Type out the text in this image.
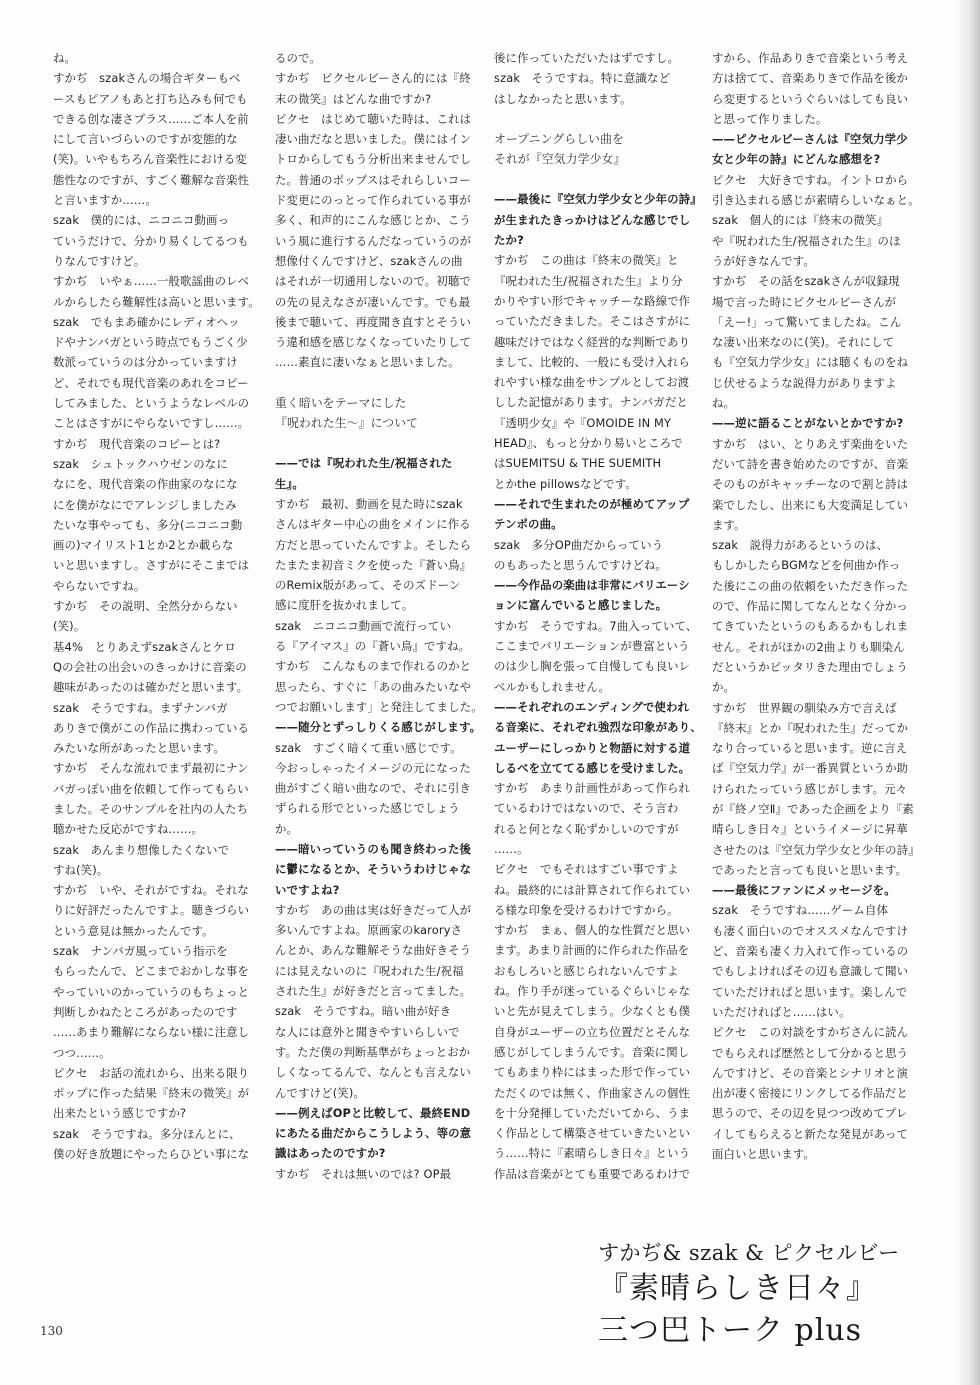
ね。
すかぢ　szakさんの場合ギターもベ
ースもピアノもあと打ち込みも何でも
できる创な凄さプラス……ご本人を前
にして言いづらいのですが変態的な
(笑)。いやもちろん音楽性における変
態性なのですが、すごく難解な音楽性
と言いますか……。
szak　僕的には、ニコニコ動画っ
ていうだけで、分かり易くしてるつも
りなんですけど。
すかぢ　いやぁ……一般歌謡曲のレベ
ルからしたら難解性は高いと思います。
szak　でもまあ確かにレディオヘッ
ドやナンバガという時点でもうごく少
数派っていうのは分かっていますけ
ど、それでも現代音楽のあれをコピー
してみました、というようなレベルの
ことはさすがにやらないですし……。
すかぢ　現代音楽のコピーとは?
szak　シュトックハウゼンのなに
なにを、現代音楽の作曲家のなにな
にを僕がなにでアレンジしましたみ
たいな事やっても、多分(ニコニコ動
画の)マイリスト1とか2とか載らな
いと思いますし。さすがにそこまでは
やらないですね。
すかぢ　その説明、全然分からない
(笑)。
基4%　とりあえずszakさんとケロ
Qの会社の出会いのきっかけに音楽の
趣味があったのは確かだと思います。
szak　そうですね。まずナンバガ
ありきで僕がこの作品に携わっている
みたいな所があったと思います。
すかぢ　そんな流れでまず最初にナン
バガっぽい曲を依頼して作ってもらい
ました。そのサンプルを社内の人たち
聴かせた反応がですね……。
szak　あんまり想像したくないで
すね(笑)。
すかぢ　いや、それがですね。それな
りに好評だったんですよ。聴きづらい
という意見は無かったんです。
szak　ナンバガ風っていう指示を
もらったんで、どこまでおかしな事を
やっていいのかっていうのもちょっと
判断しかねたところがあったのです
……あまり難解にならない様に注意し
つつ……。
ピクセ　お話の流れから、出来る限り
ポップに作った結果『終末の微笑』が
出来たという感じですか?
szak　そうですね。多分ほんとに、
僕の好き放題にやったらひどい事にな
るので。
すかぢ　ピクセルビーさん的には『終
末の微笑』はどんな曲ですか?
ピクセ　はじめて聴いた時は、これは
凄い曲だなと思いました。僕にはイン
トロからしてもう分析出来ませんでし
た。普通のポップスはそれらしいコー
ド変更にのっとって作られている事が
多く、和声的にこんな感じとか、こう
いう風に進行するんだなっていうのが
想像付くんですけど、szakさんの曲
はそれが一切通用しないので。初聴で
の先の見えなさが凄いんです。でも最
後まで聴いて、再度聞き直すとそうい
う違和感を感じなくなっていたりして
……素直に凄いなぁと思いました。
重く暗いをテーマにした
『呪われた生〜』について
——では『呪われた生/祝福された
生』。
すかぢ　最初、動画を見た時にszak
さんはギター中心の曲をメインに作る
方だと思っていたんですよ。そしたら
たまたま初音ミクを使った『蒼い鳥』
のRemix版があって、そのズドーン
感に度肝を抜かれまして。
szak　ニコニコ動画で流行ってい
る『アイマス』の『蒼い鳥』ですね。
すかぢ　こんなものまで作れるのかと
思ったら、すぐに「あの曲みたいなや
つでお願いします」と発注してました。
——随分とずっしりくる感じがします。
szak　すごく暗くて重い感じです。
今おっしゃったイメージの元になった
曲がすごく暗い曲なので、それに引き
ずられる形でといった感じでしょう
か。
——暗いっていうのも聞き終わった後
に鬱になるとか、そういうわけじゃな
いですよね?
すかぢ　あの曲は実は好きだって人が
多いんですよね。原画家のkaroryさ
んとか、あんな難解そうな曲好きそう
には見えないのに『呪われた生/祝福
された生』が好きだと言ってました。
szak　そうですね。暗い曲が好き
な人には意外と聞きやすいらしいで
す。ただ僕の判断基準がちょっとおか
しくなってるんで、なんとも言えない
んですけど(笑)。
——例えばOPと比較して、最終END
にあたる曲だからこうしよう、等の意
識はあったのですか?
すかぢ　それは無いのでは? OP最
後に作っていただいたはずですし。
szak　そうですね。特に意識など
はしなかったと思います。
オープニングらしい曲を
それが『空気力学少女』
——最後に『空気力学少女と少年の詩』
が生まれたきっかけはどんな感じでし
たか?
すかぢ　この曲は『終末の微笑』と
『呪われた生/祝福された生』より分
かりやすい形でキャッチーな路線で作
っていただきました。そこはさすがに
趣味だけではなく経営的な判断であり
まして、比較的、一般にも受け入れら
れやすい様な曲をサンプルとしてお渡
しした記憶があります。ナンバガだと
『透明少女』や『OMOIDE IN MY
HEAD』、もっと分かり易いところで
はSUEMITSU & THE SUEMITH
とかthe pillowsなどです。
——それで生まれたのが極めてアップ
テンポの曲。
szak　多分OP曲だからっていう
のもあったと思うんですけどね。
——今作品の楽曲は非常にバリエーシ
ョンに富んでいると感じました。
すかぢ　そうですね。7曲入っていて、
ここまでバリエーションが豊富という
のは少し胸を張って自慢しても良いレ
ベルかもしれません。
——それぞれのエンディングで使われ
る音楽に、それぞれ強烈な印象があり、
ユーザーにしっかりと物語に対する道
しるべを立ててる感じを受けました。
すかぢ　あまり計画性があって作られ
ているわけではないので、そう言わ
れると何となく恥ずかしいのですが
……。
ピクセ　でもそれはすごい事ですよ
ね。最終的には計算されて作られてい
る様な印象を受けるわけですから。
すかぢ　まぁ、個人的な性質だと思い
ます。あまり計画的に作られた作品を
おもしろいと感じられないんですよ
ね。作り手が迷っているぐらいじゃな
いと先が見えてしまう。少なくとも僕
自身がユーザーの立ち位置だとそんな
感じがしてしまうんです。音楽に関し
てもあまり枠にはまった形で作ってい
ただくのでは無く、作曲家さんの個性
を十分発揮していただいてから、うま
く作品として構築させていきたいとい
う……特に『素晴らしき日々』という
作品は音楽がとても重要であるわけで
すから、作品ありきで音楽という考え
方は捨てて、音楽ありきで作品を後か
ら変更するというぐらいはしても良い
と思って作りました。
——ピクセルビーさんは『空気力学少
女と少年の詩』にどんな感想を?
ピクセ　大好きですね。イントロから
引き込まれる感じが素晴らしいなぁと。
szak　個人的には『終末の微笑』
や『呪われた生/祝福された生』のほ
うが好きなんです。
すかぢ　その話をszakさんが収録現
場で言った時にピクセルビーさんが
「えー!」って驚いてましたね。こん
な凄い出来なのに(笑)。それにして
も『空気力学少女』には聴くものをね
じ伏せるような説得力がありますよ
ね。
——逆に語ることがないとかですか?
すかぢ　はい、とりあえず楽曲をいた
だいて詩を書き始めたのですが、音楽
そのものがキャッチーなので割と詩は
楽でしたし、出来にも大変満足してい
ます。
szak　説得力があるというのは、
もしかしたらBGMなどを何曲か作っ
た後にこの曲の依頼をいただき作った
ので、作品に関してなんとなく分かっ
てきていたというのもあるかもしれま
せん。それがほかの2曲よりも馴染ん
だというかピッタリきた理由でしょう
か。
すかぢ　世界観の馴染み方で言えば
『終末』とか『呪われた生』だってか
なり合っていると思います。逆に言え
ば『空気力学』が一番異質というか助
けられたっていう感じがします。元々
が『終ノ空Ⅱ』であった企画をより『素
晴らしき日々』というイメージに昇華
させたのは『空気力学少女と少年の詩』
であったと言っても良いと思います。
——最後にファンにメッセージを。
szak　そうですね……ゲーム自体
も凄く面白いのでオススメなんですけ
ど、音楽も凄く力入れて作っているの
でもしよければその辺も意識して聞い
ていただければと思います。楽しんで
いただければと……はい。
ピクセ　この対談をすかぢさんに読ん
でもらえれば歴然として分かると思う
んですけど、その音楽とシナリオと演
出が凄く密接にリンクしてる作品だと
思うので、その辺を見つつ改めてプレ
イしてもらえると新たな発見があって
面白いと思います。
すかぢ& szak & ピクセルビー
『素晴らしき日々』
三つ巴トーク plus
130
